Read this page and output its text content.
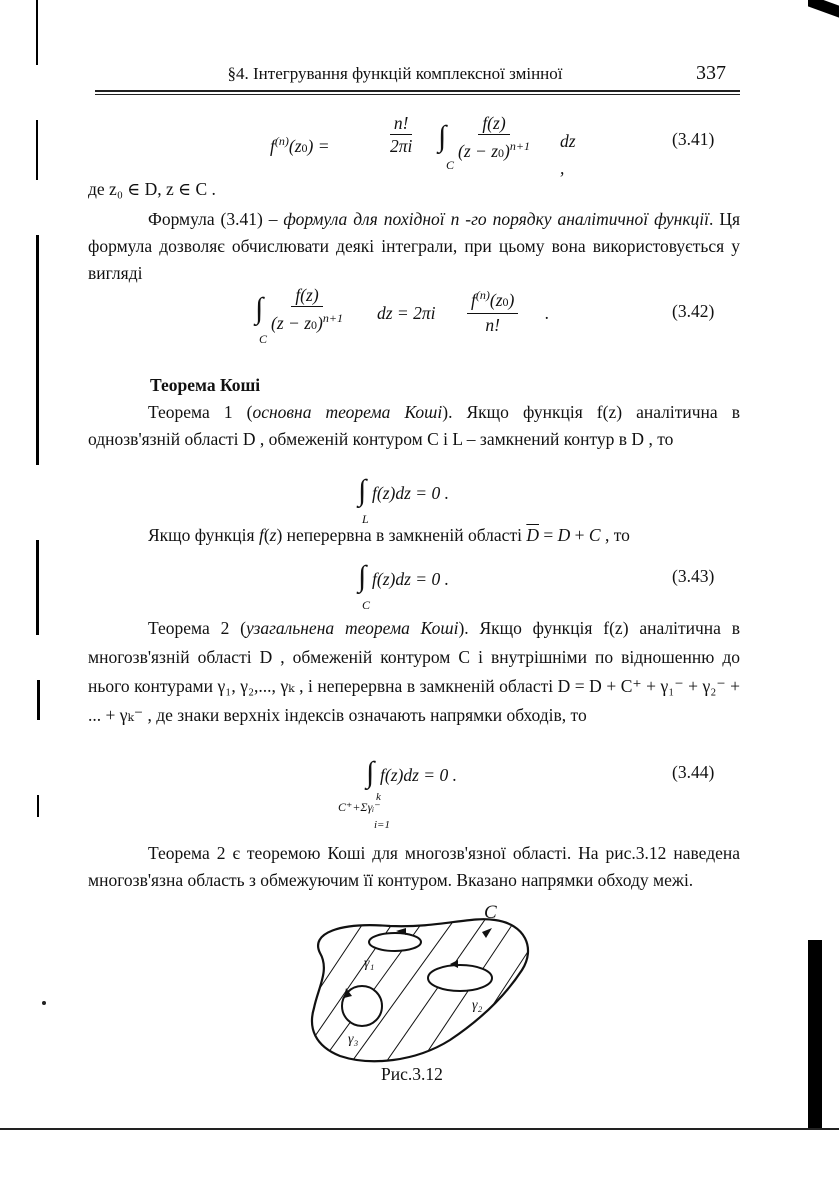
§4. Інтегрування функцій комплексної змінної	337
$f^{(n)}(z0)$ =	$\frac{n!}{2\pi i}$ ∫
C
$\frac{f(z)}{(z - z0)^{n+1}}$ dz ,
(3.41)
де z₀ ∈ D, z ∈ C .
Формула (3.41) – формула для похідної n -го порядку аналітичної функції. Ця формула дозволяє обчислювати деякі інтеграли, при цьому вона використовується у вигляді
∫
C
$\frac{f(z)}{(z - z0)^{n+1}}$ dz = $2\pi i \frac{f^{(n)}(z0)}{n!}$ .	(3.42)
Теорема Коші
Теорема 1 (основна теорема Коші). Якщо функція f(z) аналітична в однозв'язній області D , обмеженій контуром C і L – замкнений контур в D , то
∫ f(z)dz = 0 .
L
Якщо функція f(z) неперервна в замкненій області $\overline{D} = D + C$ , то
∫ f(z)dz = 0 .
C
(3.43)
Теорема 2 (узагальнена теорема Коші). Якщо функція f(z) аналітична в многозв'язній області D , обмеженій контуром C і внутрішніми по відношенню до нього контурами γ₁, γ₂,..., γₖ , і неперервна в замкненій області D = D + C⁺ + γ₁⁻ + γ₂⁻ + ... + γₖ⁻ , де знаки верхніх індексів означають напрямки обходів, то
∫ f(z)dz = 0 .
k
C⁺+Σγᵢ⁻
i=1
(3.44)
Теорема 2 є теоремою Коші для многозв'язної області. На рис.3.12 наведена многозв'язна область з обмежуючим її контуром. Вказано напрямки обходу межі.
C
γ₁
γ₂
γ₃
Рис.3.12
